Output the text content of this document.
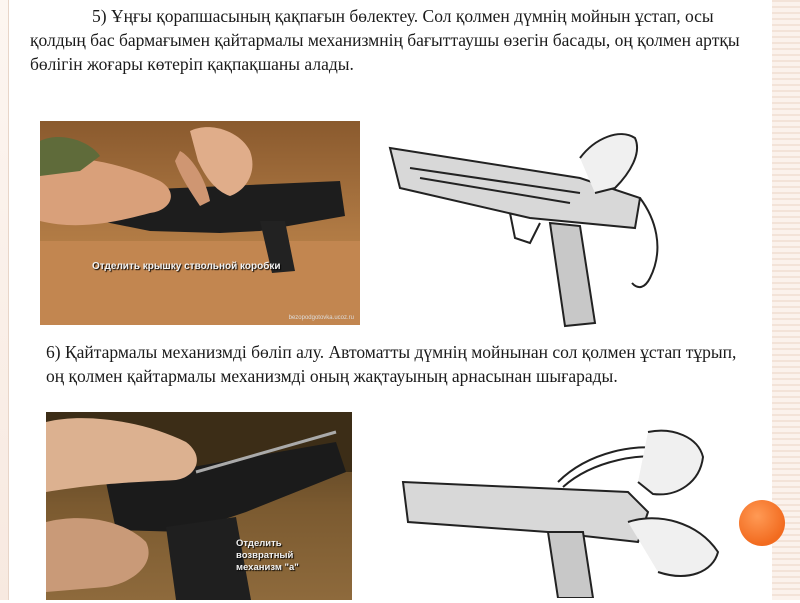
5) Ұңғы қорапшасының қақпағын бөлектеу. Сол қолмен дүмнің мойнын ұстап, осы қолдың бас бармағымен қайтармалы механизмнің бағыттаушы өзегін басады, оң қолмен артқы бөлігін жоғары көтеріп қақпақшаны алады.
Отделить крышку ствольной коробки
bezopodgotovka.ucoz.ru
6) Қайтармалы механизмді бөліп алу. Автоматты дүмнің мойнынан сол қолмен ұстап тұрып, оң қолмен қайтармалы механизмді оның жақтауының арнасынан шығарады.
Отделить возвратный механизм "а"
